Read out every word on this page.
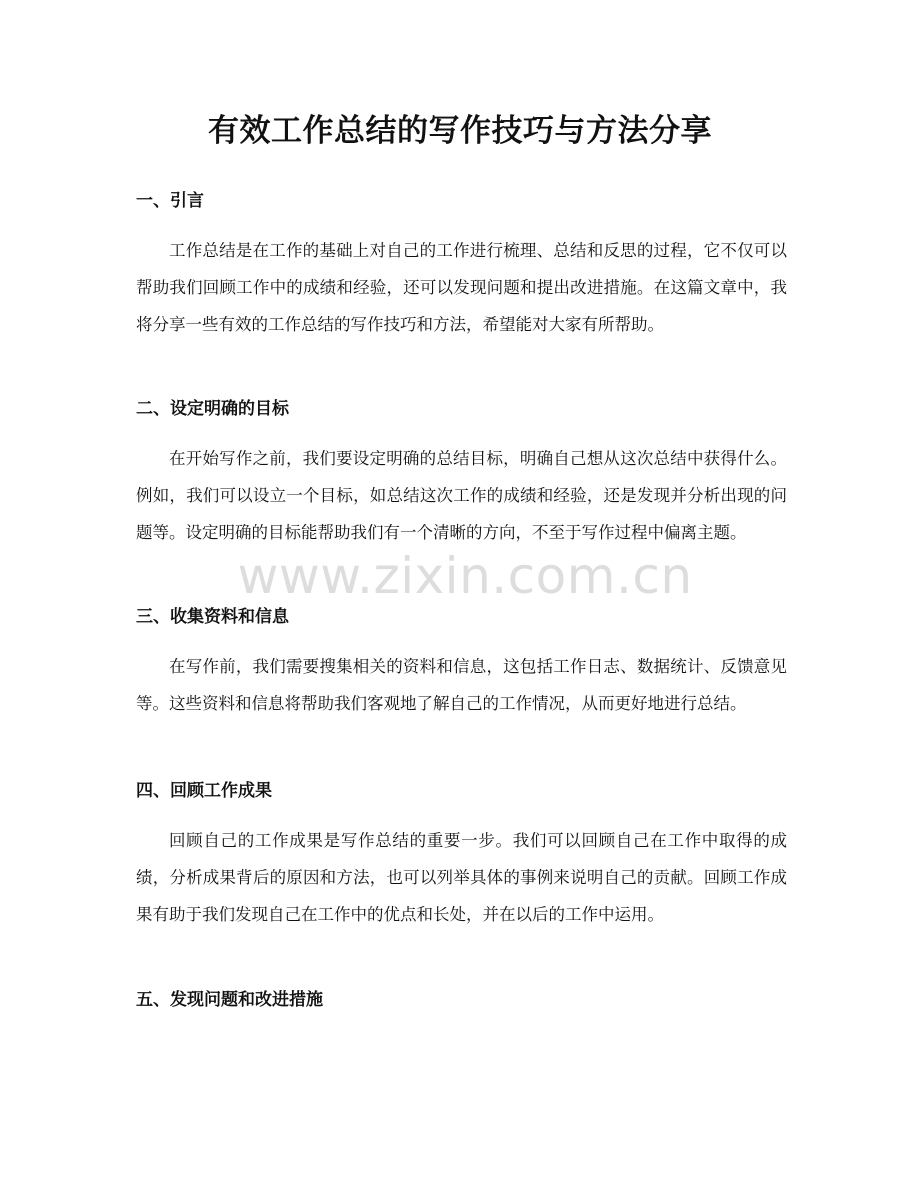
有效工作总结的写作技巧与方法分享
一、引言

工作总结是在工作的基础上对自己的工作进行梳理、总结和反思的过程，它不仅可以帮助我们回顾工作中的成绩和经验，还可以发现问题和提出改进措施。在这篇文章中，我将分享一些有效的工作总结的写作技巧和方法，希望能对大家有所帮助。

二、设定明确的目标

在开始写作之前，我们要设定明确的总结目标，明确自己想从这次总结中获得什么。例如，我们可以设立一个目标，如总结这次工作的成绩和经验，还是发现并分析出现的问题等。设定明确的目标能帮助我们有一个清晰的方向，不至于写作过程中偏离主题。

三、收集资料和信息

在写作前，我们需要搜集相关的资料和信息，这包括工作日志、数据统计、反馈意见等。这些资料和信息将帮助我们客观地了解自己的工作情况，从而更好地进行总结。

四、回顾工作成果

回顾自己的工作成果是写作总结的重要一步。我们可以回顾自己在工作中取得的成绩，分析成果背后的原因和方法，也可以列举具体的事例来说明自己的贡献。回顾工作成果有助于我们发现自己在工作中的优点和长处，并在以后的工作中运用。

五、发现问题和改进措施
www.zixin.com.cn
